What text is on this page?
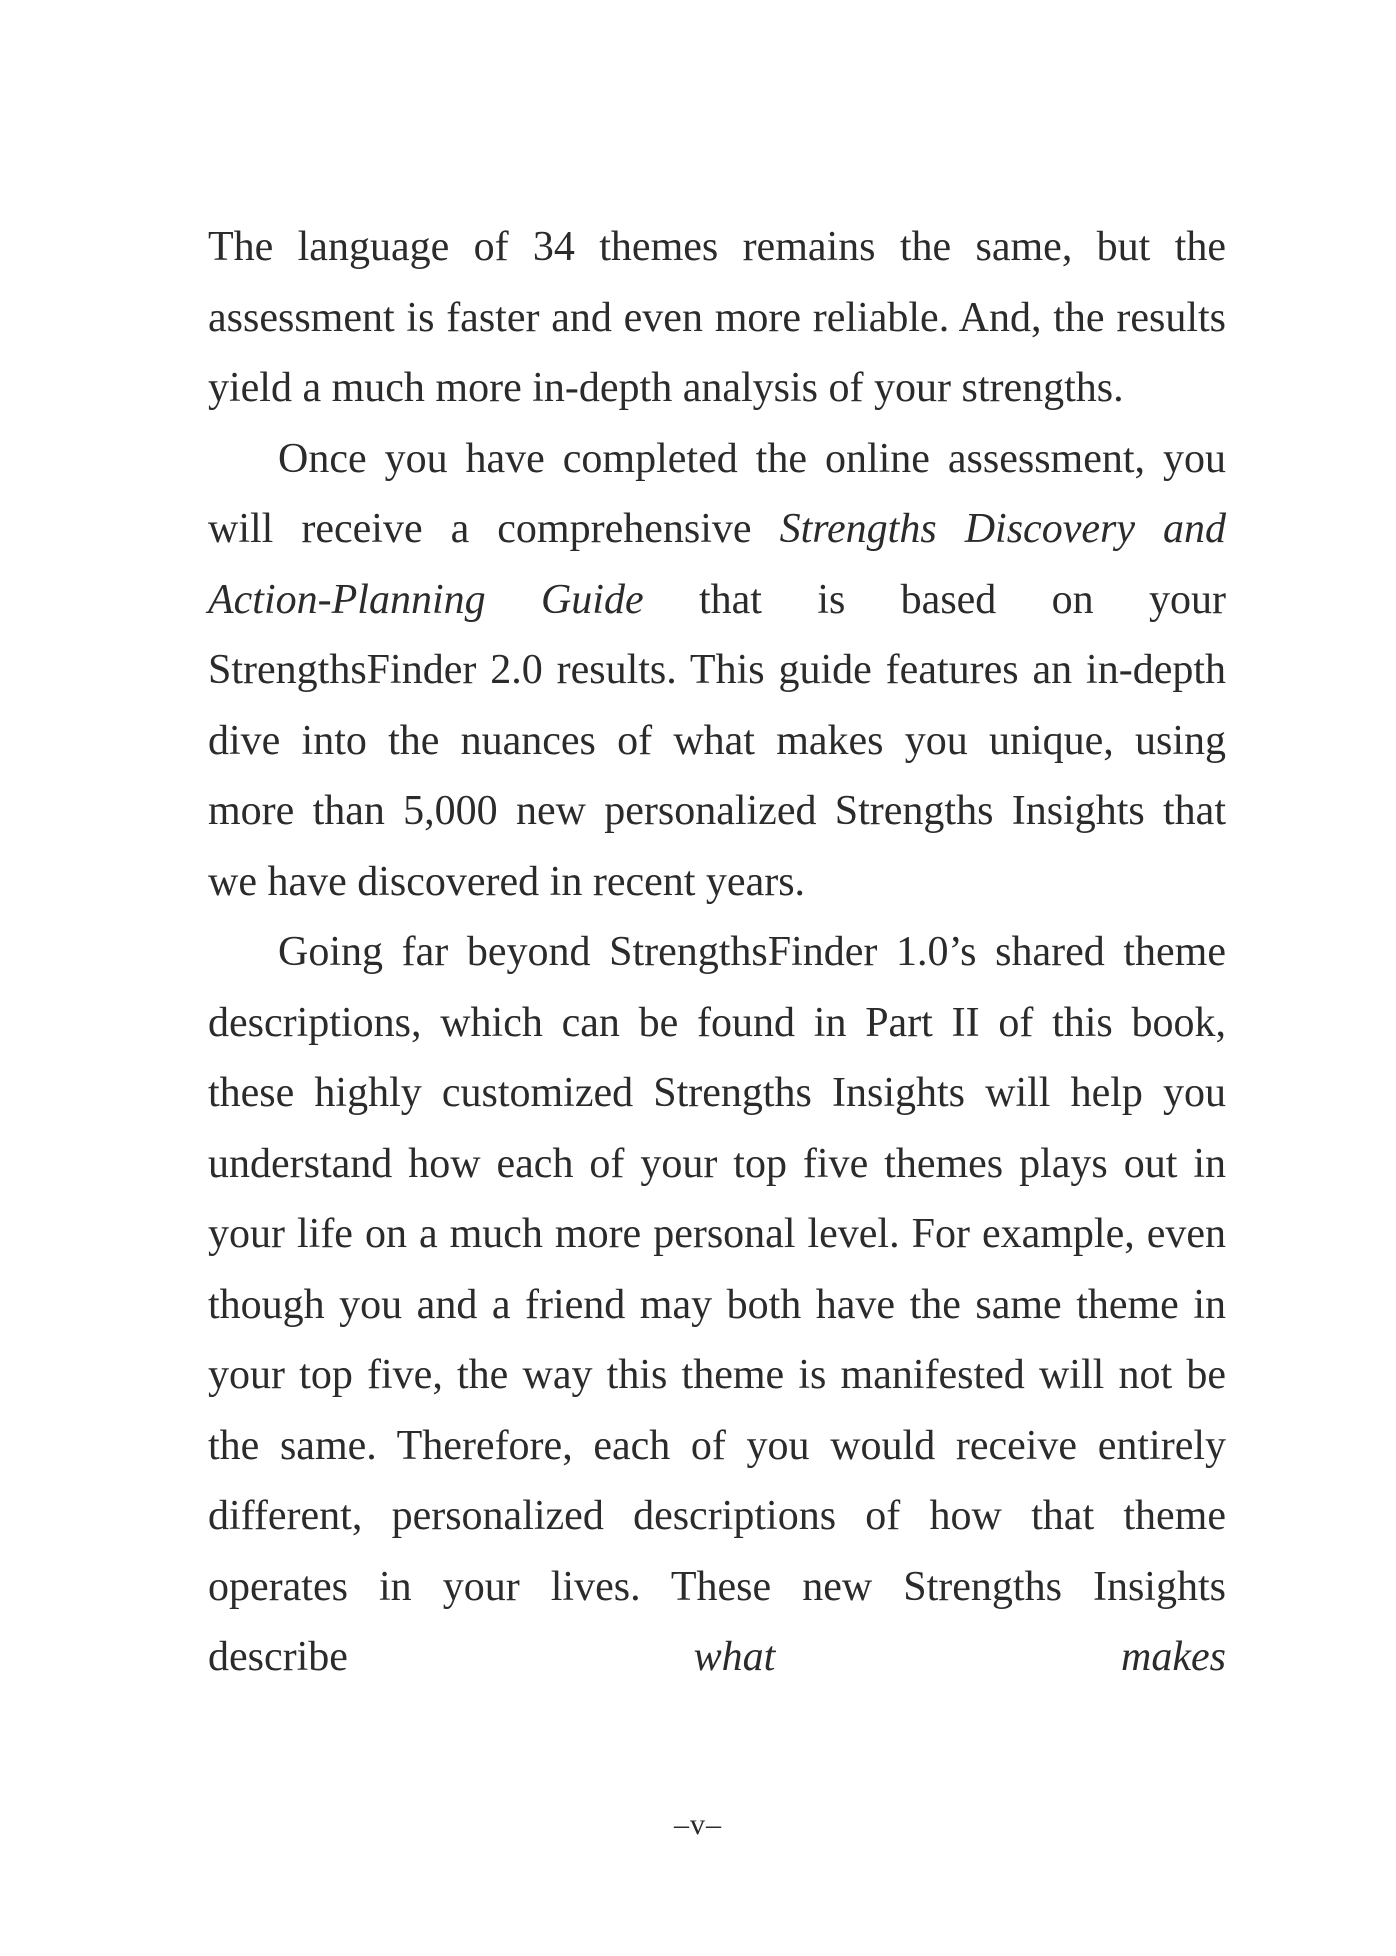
The language of 34 themes remains the same, but the assessment is faster and even more reliable. And, the results yield a much more in-depth analysis of your strengths.

Once you have completed the online assessment, you will receive a comprehensive Strengths Discovery and Action-Planning Guide that is based on your StrengthsFinder 2.0 results. This guide features an in-depth dive into the nuances of what makes you unique, using more than 5,000 new personalized Strengths Insights that we have discovered in recent years.

Going far beyond StrengthsFinder 1.0’s shared theme descriptions, which can be found in Part II of this book, these highly customized Strengths Insights will help you understand how each of your top five themes plays out in your life on a much more personal level. For example, even though you and a friend may both have the same theme in your top five, the way this theme is manifested will not be the same. Therefore, each of you would receive entirely different, personalized descriptions of how that theme operates in your lives. These new Strengths Insights describe what makes

–v–
